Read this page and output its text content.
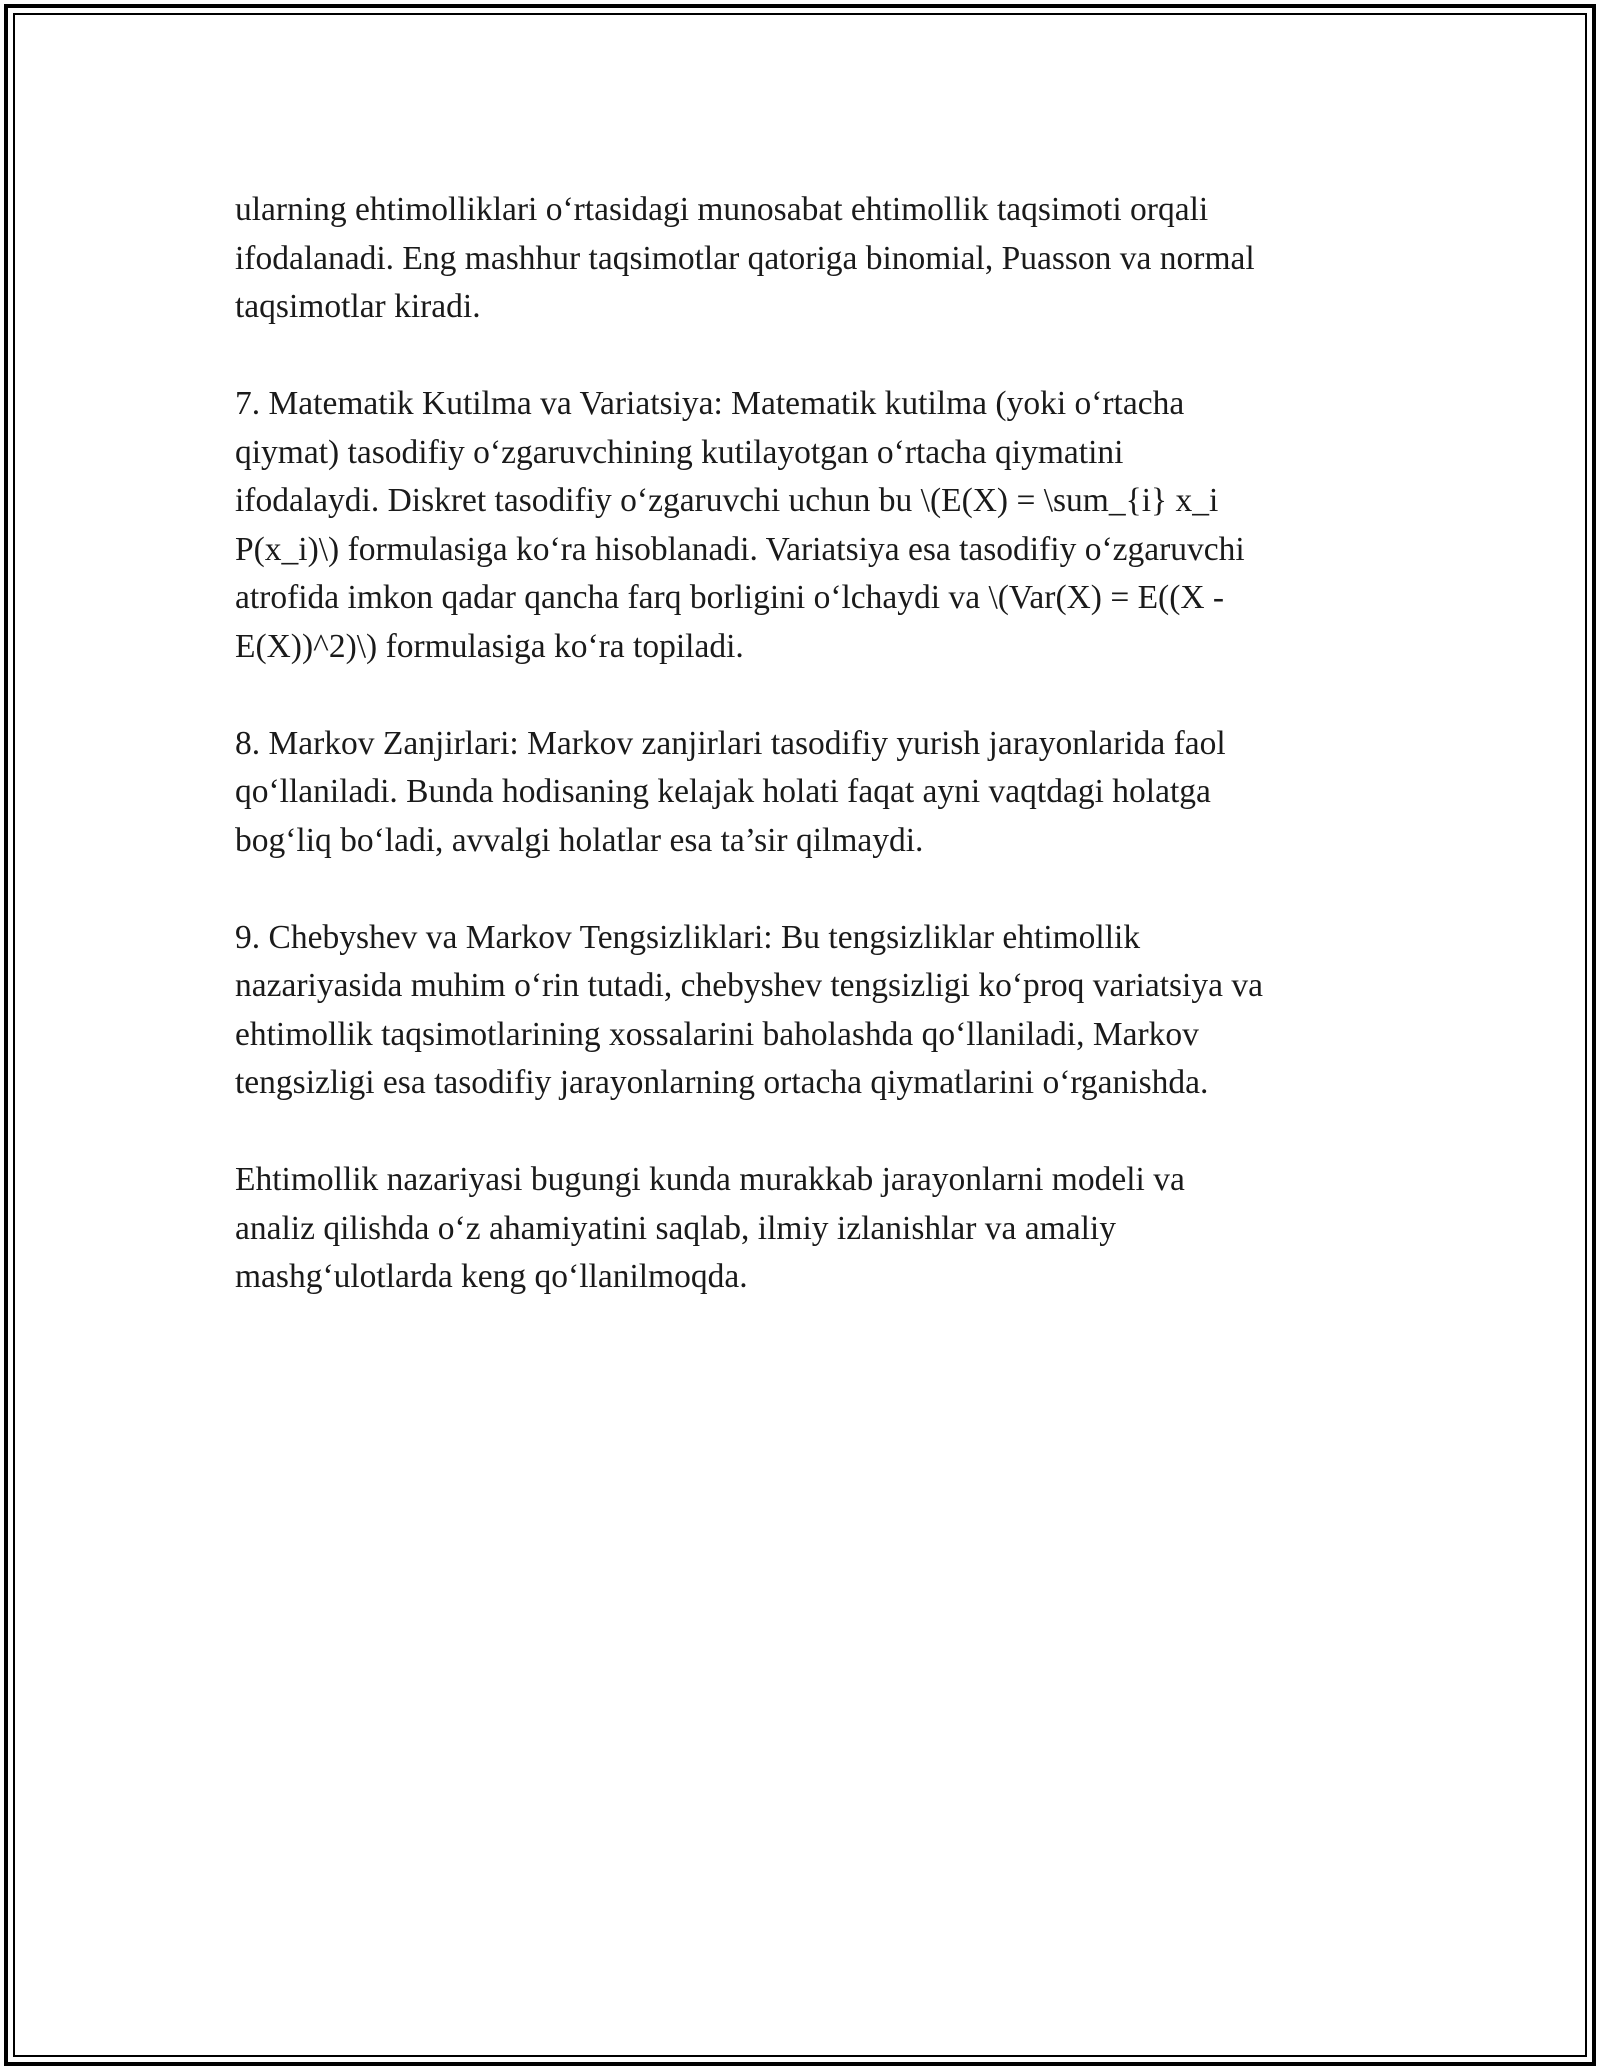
ularning ehtimolliklari o‘rtasidagi munosabat ehtimollik taqsimoti orqali
ifodalanadi. Eng mashhur taqsimotlar qatoriga binomial, Puasson va normal
taqsimotlar kiradi.

7. Matematik Kutilma va Variatsiya: Matematik kutilma (yoki o‘rtacha
qiymat) tasodifiy o‘zgaruvchining kutilayotgan o‘rtacha qiymatini
ifodalaydi. Diskret tasodifiy o‘zgaruvchi uchun bu \(E(X) = \sum_{i} x_i
P(x_i)\) formulasiga ko‘ra hisoblanadi. Variatsiya esa tasodifiy o‘zgaruvchi
atrofida imkon qadar qancha farq borligini o‘lchaydi va \(Var(X) = E((X -
E(X))^2)\) formulasiga ko‘ra topiladi.

8. Markov Zanjirlari: Markov zanjirlari tasodifiy yurish jarayonlarida faol
qo‘llaniladi. Bunda hodisaning kelajak holati faqat ayni vaqtdagi holatga
bog‘liq bo‘ladi, avvalgi holatlar esa ta’sir qilmaydi.

9. Chebyshev va Markov Tengsizliklari: Bu tengsizliklar ehtimollik
nazariyasida muhim o‘rin tutadi, chebyshev tengsizligi ko‘proq variatsiya va
ehtimollik taqsimotlarining xossalarini baholashda qo‘llaniladi, Markov
tengsizligi esa tasodifiy jarayonlarning ortacha qiymatlarini o‘rganishda.

Ehtimollik nazariyasi bugungi kunda murakkab jarayonlarni modeli va
analiz qilishda o‘z ahamiyatini saqlab, ilmiy izlanishlar va amaliy
mashg‘ulotlarda keng qo‘llanilmoqda.
